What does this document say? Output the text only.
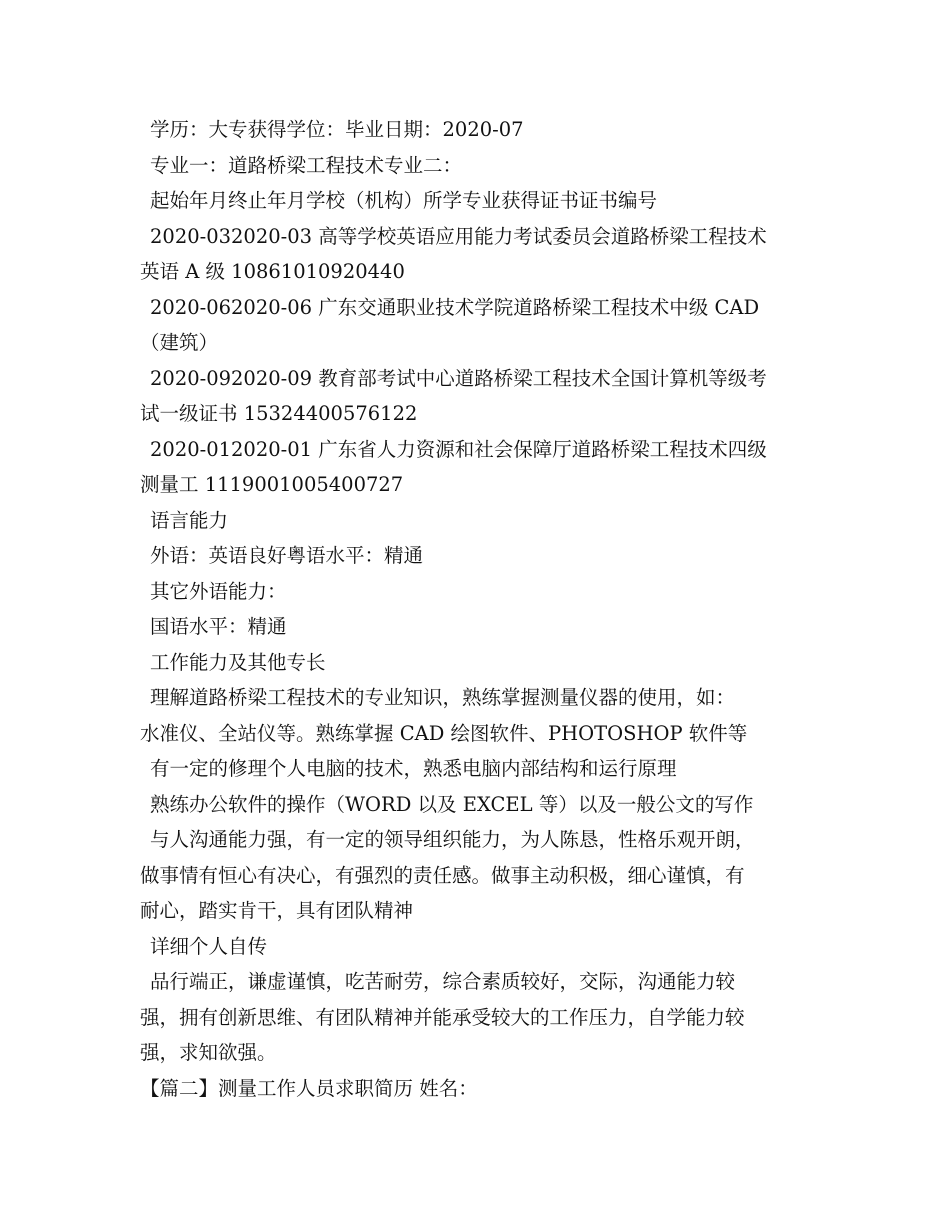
学历：大专获得学位：毕业日期：2020-07
专业一：道路桥梁工程技术专业二：
起始年月终止年月学校（机构）所学专业获得证书证书编号
2020-032020-03 高等学校英语应用能力考试委员会道路桥梁工程技术
英语 A 级 10861010920440
2020-062020-06 广东交通职业技术学院道路桥梁工程技术中级 CAD
（建筑）
2020-092020-09 教育部考试中心道路桥梁工程技术全国计算机等级考
试一级证书 15324400576122
2020-012020-01 广东省人力资源和社会保障厅道路桥梁工程技术四级
测量工 1119001005400727
语言能力
外语：英语良好粤语水平：精通
其它外语能力：
国语水平：精通
工作能力及其他专长
理解道路桥梁工程技术的专业知识，熟练掌握测量仪器的使用，如：
水准仪、全站仪等。熟练掌握 CAD 绘图软件、PHOTOSHOP 软件等
有一定的修理个人电脑的技术，熟悉电脑内部结构和运行原理
熟练办公软件的操作（WORD 以及 EXCEL 等）以及一般公文的写作
与人沟通能力强，有一定的领导组织能力，为人陈恳，性格乐观开朗，
做事情有恒心有决心，有强烈的责任感。做事主动积极，细心谨慎，有
耐心，踏实肯干，具有团队精神
详细个人自传
品行端正，谦虚谨慎，吃苦耐劳，综合素质较好，交际，沟通能力较
强，拥有创新思维、有团队精神并能承受较大的工作压力，自学能力较
强，求知欲强。
【篇二】测量工作人员求职简历 姓名：
